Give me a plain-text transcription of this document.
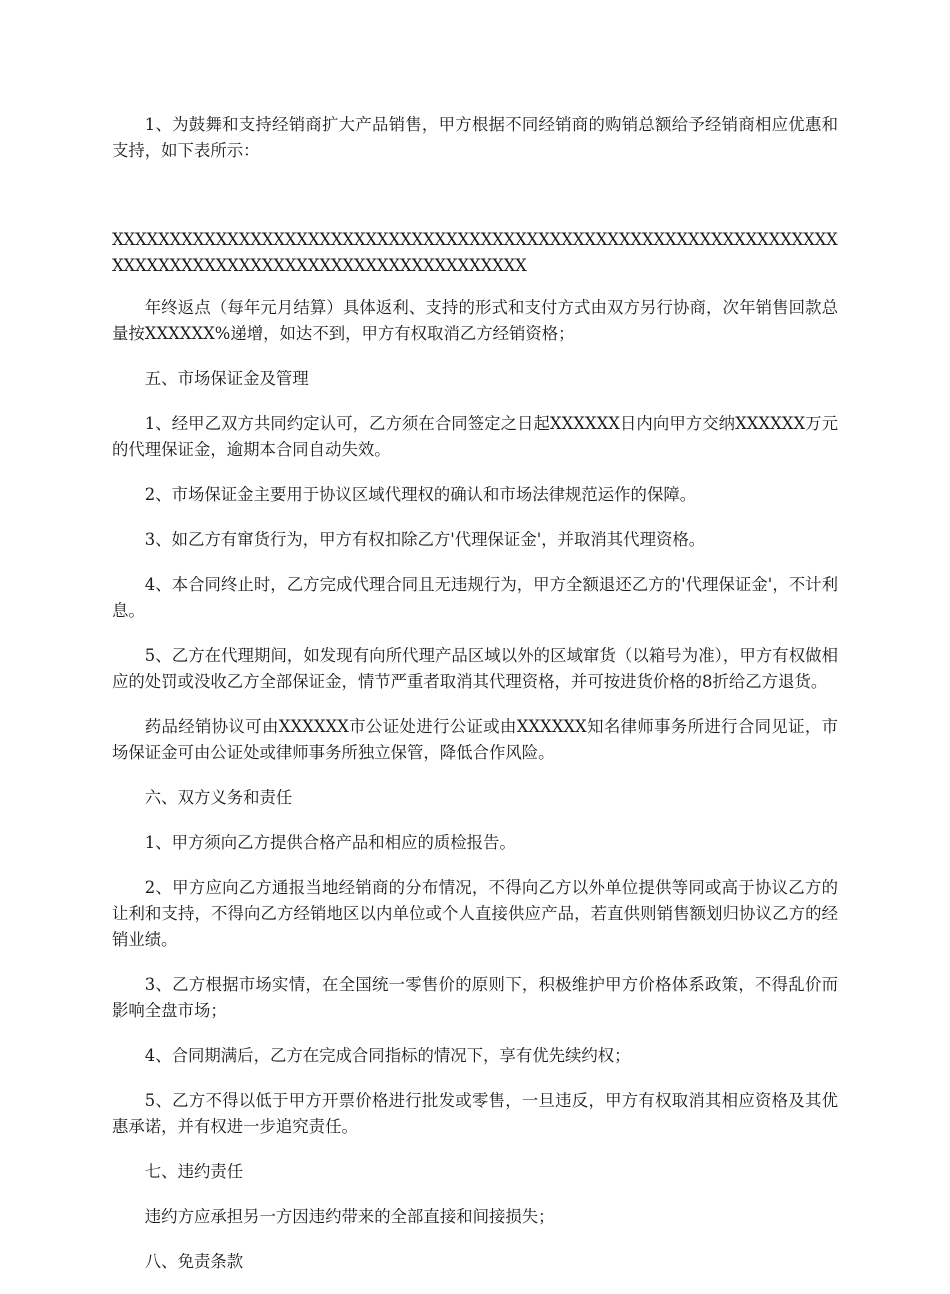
1、为鼓舞和支持经销商扩大产品销售，甲方根据不同经销商的购销总额给予经销商相应优惠和支持，如下表所示：

XXXXXXXXXXXXXXXXXXXXXXXXXXXXXXXXXXXXXXXXXXXXXXXXXXXXXXXXXXXXXXXXXXXXXXXXXXXXXXXXXXXXXXXXXXXXXXXXXXX

年终返点（每年元月结算）具体返利、支持的形式和支付方式由双方另行协商，次年销售回款总量按XXXXXX%递增，如达不到，甲方有权取消乙方经销资格；

五、市场保证金及管理

1、经甲乙双方共同约定认可，乙方须在合同签定之日起XXXXXX日内向甲方交纳XXXXXX万元的代理保证金，逾期本合同自动失效。

2、市场保证金主要用于协议区域代理权的确认和市场法律规范运作的保障。

3、如乙方有窜货行为，甲方有权扣除乙方'代理保证金'，并取消其代理资格。

4、本合同终止时，乙方完成代理合同且无违规行为，甲方全额退还乙方的'代理保证金'，不计利息。

5、乙方在代理期间，如发现有向所代理产品区域以外的区域窜货（以箱号为准），甲方有权做相应的处罚或没收乙方全部保证金，情节严重者取消其代理资格，并可按进货价格的8折给乙方退货。

药品经销协议可由XXXXXX市公证处进行公证或由XXXXXX知名律师事务所进行合同见证，市场保证金可由公证处或律师事务所独立保管，降低合作风险。

六、双方义务和责任

1、甲方须向乙方提供合格产品和相应的质检报告。

2、甲方应向乙方通报当地经销商的分布情况，不得向乙方以外单位提供等同或高于协议乙方的让利和支持，不得向乙方经销地区以内单位或个人直接供应产品，若直供则销售额划归协议乙方的经销业绩。

3、乙方根据市场实情，在全国统一零售价的原则下，积极维护甲方价格体系政策，不得乱价而影响全盘市场；

4、合同期满后，乙方在完成合同指标的情况下，享有优先续约权；

5、乙方不得以低于甲方开票价格进行批发或零售，一旦违反，甲方有权取消其相应资格及其优惠承诺，并有权进一步追究责任。

七、违约责任

违约方应承担另一方因违约带来的全部直接和间接损失；

八、免责条款
